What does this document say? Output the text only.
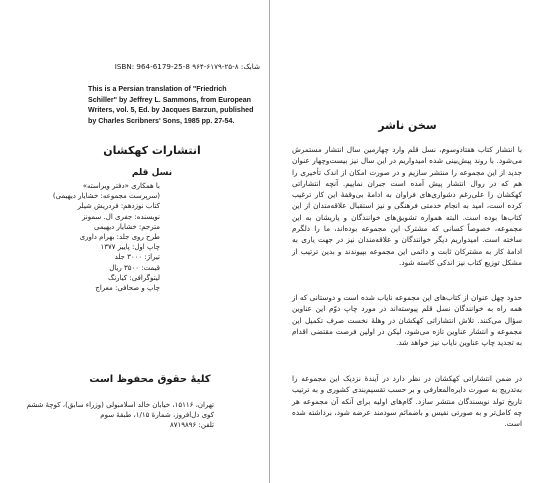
ISBN: 964-6179-25-8 شابک: ۸-۲۵-۶۱۷۹-۹۶۴

This is a Persian translation of "Friedrich Schiller" by Jeffrey L. Sammons, from European Writers, vol. 5, Ed. by Jacques Barzun, published by Charles Scribners' Sons, 1985 pp. 27-54.

انتشارات کهکشان

نسل قلم

با همکاری «دفتر ویراسته»
(سرپرست مجموعه: خشایار دیهیمی)
کتاب نوزدهم: فردریش شیلر
نویسنده: جفری ال. سمونز
مترجم: خشایار دیهیمی
طرح روی جلد: بهرام داوری
چاپ اول: پاییز ۱۳۷۷
تیراژ: ۳۰۰۰ جلد
قیمت: ۳۵۰۰ ریال
لیتوگرافی: کیارنگ
چاپ و صحافی: معراج

کلیهٔ حقوق محفوظ است

تهران، ۱۵۱۱۶، خیابان خالد اسلامبولی (وزراء سابق)، کوچهٔ ششم
کوی دل‌افروز، شمارهٔ ۱/۱۵، طبقهٔ سوم
تلفن: ۸۷۱۹۸۹۶

سخن ناشر

با انتشار کتاب هفتادوسوم، نسل قلم وارد چهارمین سال انتشار مستمرش می‌شود. با روند پیش‌بینی شده امیدواریم در این سال نیز بیست‌وچهار عنوان جدید از این مجموعه را منتشر سازیم و در صورت امکان از اندک تأخیری را هم که در روال انتشار پیش آمده است جبران نماییم. آنچه انتشاراتی کهکشان را علی‌رغم دشواری‌های فراوان به ادامهٔ بی‌وقفهٔ این کار ترغیب کرده است، امید به انجام خدمتی فرهنگی و نیز استقبال علاقه‌مندان از این کتاب‌ها بوده است. البته همواره تشویق‌های خوانندگان و یاریشان به این مجموعه، خصوصاً کسانی که مشترک این مجموعه بوده‌اند، ما را دلگرم ساخته است. امیدواریم دیگر خوانندگان و علاقه‌مندان نیز در جهت یاری به ادامهٔ کار به مشترکان ثابت و دائمی این مجموعه بپیوندند و بدین ترتیب از مشکل توزیع کتاب نیز اندکی کاسته شود.

حدود چهل عنوان از کتاب‌های این مجموعه نایاب شده است و دوستانی که از همه راه به خوانندگان نسل قلم پیوسته‌اند در مورد چاپ دوّم این عناوین سؤال می‌کنند. تلاش انتشاراتی کهکشان در وهلهٔ نخست صرف تکمیل این مجموعه و انتشار عناوین تازه می‌شود، لیکن در اولین فرصت مقتضی اقدام به تجدید چاپ عناوین نایاب نیز خواهد شد.

در ضمن انتشاراتی کهکشان در نظر دارد در آیندهٔ نزدیک این مجموعه را به‌تدریج به صورت دایره‌المعارفی و بر حسب تقسیم‌بندی کشوری و به ترتیب تاریخ تولد نویسندگان منتشر سازد. گام‌های اولیه برای آنکه آن مجموعه هر چه کامل‌تر و به صورتی نفیس و با‌ضمائم سودمند عرضه شود، برداشته شده است.
